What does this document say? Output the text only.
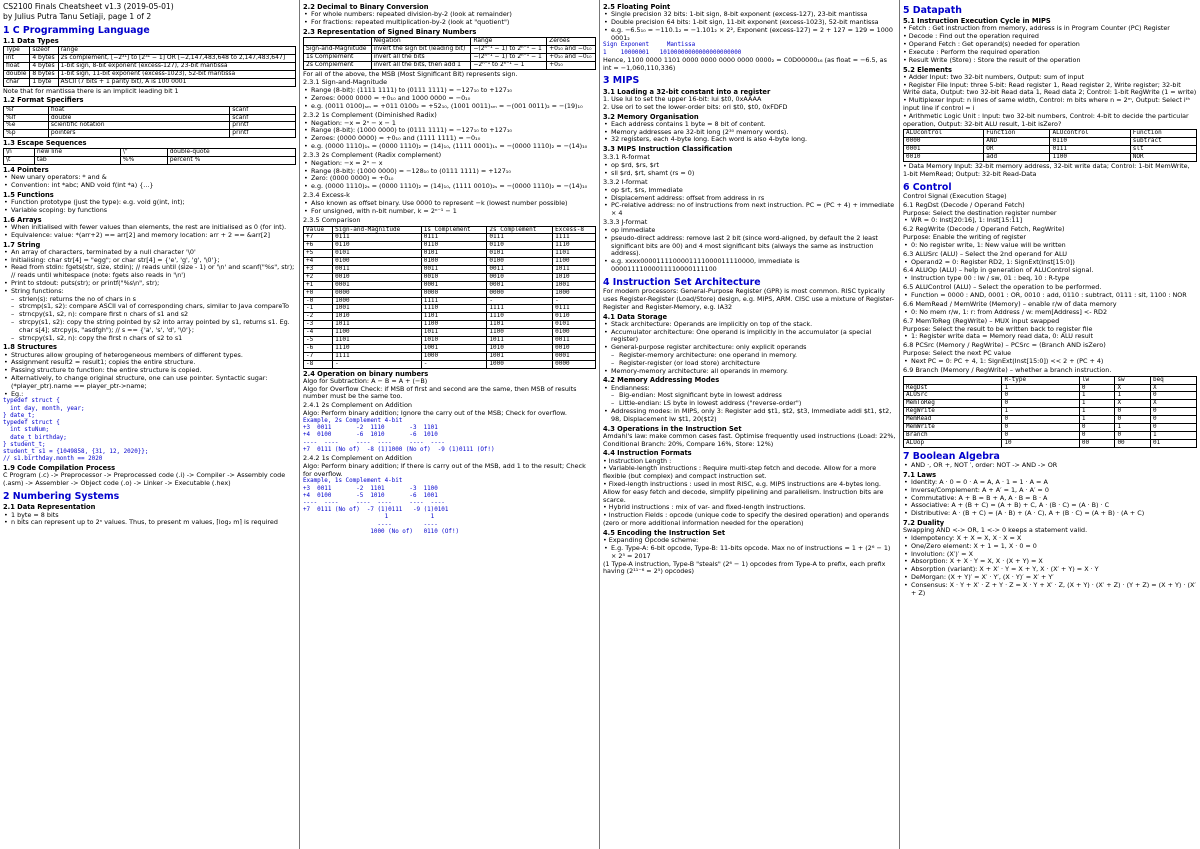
CS2100 Finals Cheatsheet v1.3 (2019-05-01)

by Julius Putra Tanu Setiaji, page 1 of 2

1 C Programming Language

1.1 Data Types

Type	sizeof	range
int	4 bytes	2s complement, [−2³¹] to [2³¹ − 1] OR [−2,147,483,648 to 2,147,483,647]
float	4 bytes	1-bit sign, 8-bit exponent (excess-127), 23-bit mantissa
double	8 bytes	1-bit sign, 11-bit exponent (excess-1023), 52-bit mantissa
char	1 byte	ASCII (7 bits + 1 parity bit), A is 100 0001

Note that for mantissa there is an implicit leading bit 1

1.2 Format Specifiers

%f	float	scanf
%lf	double	scanf
%e	scientific notation	printf
%p	pointers	printf

1.3 Escape Sequences

\n	new line	\"	double-quote
\t	tab	%%	percent %

1.4 Pointers

• New unary operators: * and &

• Convention: int *abc; AND void f(int *a) {...}

1.5 Functions

• Function prototype (just the type): e.g. void g(int, int);

• Variable scoping: by functions

1.6 Arrays

• When initialised with fewer values than elements, the rest are initialised as 0 (for int).

• Equivalence: value: *(arr+2) == arr[2] and memory location: arr + 2 == &arr[2]

1.7 String

• An array of characters, terminated by a null character '\0'

• Initialising: char str[4] = "egg"; or char str[4] = {'e', 'g', 'g', '\0'};

• Read from stdin: fgets(str, size, stdin); // reads until (size - 1) or '\n' and scanf("%s", str); // reads until whitespace (note: fgets also reads in '\n')

• Print to stdout: puts(str); or printf("%s\n", str);

• String functions:

– strlen(s): returns the no of chars in s

– strcmp(s1, s2): compare ASCII val of corresponding chars, similar to Java compareTo

– strncpy(s1, s2, n): compare first n chars of s1 and s2

– strcpy(s1, s2): copy the string pointed by s2 into array pointed by s1, returns s1. Eg. char s[4]; strcpy(s, "asdfgh"); // s == {'a', 's', 'd', '\0'};

– strncpy(s1, s2, n): copy the first n chars of s2 to s1

1.8 Structures

• Structures allow grouping of heterogeneous members of different types.

• Assignment result2 = result1; copies the entire structure.

• Passing structure to function: the entire structure is copied.

• Alternatively, to change original structure, one can use pointer. Syntactic sugar: (*player_ptr).name == player_ptr->name;

• Eg.:

typedef struct {
int day, month, year;
} date_t;
typedef struct {
int stuNum;
date_t birthday;
} student_t;
student_t s1 = {1049858, {31, 12, 2020}};
// s1.birthday.month == 2020

1.9 Code Compilation Process

C Program (.c) -> Preprocessor -> Preprocessed code (.i) -> Compiler -> Assembly code (.asm) -> Assembler -> Object code (.o) -> Linker -> Executable (.hex)

2 Numbering Systems

2.1 Data Representation

• 1 byte = 8 bits

• n bits can represent up to 2ⁿ values. Thus, to present m values, ⌈log₂ m⌉ is required

2.2 Decimal to Binary Conversion

• For whole numbers: repeated division-by-2 (look at remainder)

• For fractions: repeated multiplication-by-2 (look at "quotient")

2.3 Representation of Signed Binary Numbers

	Negation	Range	Zeroes
Sign-and-Magnitude	invert the sign bit (leading bit)	−(2ⁿ⁻¹ − 1) to 2ⁿ⁻¹ − 1	+0₁₀ and −0₁₀
1s Complement	invert all the bits	−(2ⁿ⁻¹ − 1) to 2ⁿ⁻¹ − 1	+0₁₀ and −0₁₀
2s Complement	invert all the bits, then add 1	−2ⁿ⁻¹ to 2ⁿ⁻¹ − 1	+0₁₀

For all of the above, the MSB (Most Significant Bit) represents sign.

2.3.1 Sign-and-Magnitude

• Range (8-bit): (1111 1111) to (0111 1111) = −127₁₀ to +127₁₀

• Zeroes: 0000 0000 = +0₁₀ and 1000 0000 = −0₁₀

• e.g. (0011 0100)ₛₘ = +011 0100₂ = +52₁₀, (1001 0011)ₛₘ = −(001 0011)₂ = −(19)₁₀

2.3.2 1s Complement (Diminished Radix)

• Negation: −x = 2ⁿ − x − 1

• Range (8-bit): (1000 0000) to (0111 1111) = −127₁₀ to +127₁₀

• Zeroes: (0000 0000) = +0₁₀ and (1111 1111) = −0₁₀

• e.g. (0000 1110)₁ₛ = (0000 1110)₂ = (14)₁₀, (1111 0001)₁ₛ = −(0000 1110)₂ = −(14)₁₀

2.3.3 2s Complement (Radix complement)

• Negation: −x = 2ⁿ − x

• Range (8-bit): (1000 0000) = −128₁₀ to (0111 1111) = +127₁₀

• Zero: (0000 0000) = +0₁₀

• e.g. (0000 1110)₂ₛ = (0000 1110)₂ = (14)₁₀, (1111 0010)₂ₛ = −(0000 1110)₂ = −(14)₁₀

2.3.4 Excess-k

• Also known as offset binary. Use 0000 to represent −k (lowest number possible)

• For unsigned, with n-bit number, k = 2ⁿ⁻¹ − 1

2.3.5 Comparison

Value	Sign-and-Magnitude	1s Complement	2s Complement	Excess-8
+7	0111	0111	0111	1111
+6	0110	0110	0110	1110
+5	0101	0101	0101	1101
+4	0100	0100	0100	1100
+3	0011	0011	0011	1011
+2	0010	0010	0010	1010
+1	0001	0001	0001	1001
+0	0000	0000	0000	1000
-0	1000	1111	-	-
-1	1001	1110	1111	0111
-2	1010	1101	1110	0110
-3	1011	1100	1101	0101
-4	1100	1011	1100	0100
-5	1101	1010	1011	0011
-6	1110	1001	1010	0010
-7	1111	1000	1001	0001
-8	-	-	1000	0000

2.4 Operation on binary numbers

Algo for Subtraction: A − B = A + (−B)

Algo for Overflow Check: if MSB of first and second are the same, then MSB of results number must be the same too.

2.4.1 2s Complement on Addition

Algo: Perform binary addition; Ignore the carry out of the MSB; Check for overflow.

Example, 2s Complement 4-bit
+3  0011       -2  1110       -3  1101
+4  0100       -6  1010       -6  1010
----  ----     ----  ----     ----  ----
+7  0111 (No of)  -8 (1)1000 (No of)  -9 (1)0111 (Of!)

2.4.2 1s Complement on Addition

Algo: Perform binary addition; If there is carry out of the MSB, add 1 to the result; Check for overflow.

Example, 1s Complement 4-bit
+3  0011       -2  1101       -3  1100
+4  0100       -5  1010       -6  1001
----  ----     ----  ----     ----  ----
+7  0111 (No of)  -7 (1)0111   -9 (1)0101
1            1
----         ----
1000 (No of)   0110 (Of!)

2.5 Floating Point

• Single precision 32 bits: 1-bit sign, 8-bit exponent (excess-127), 23-bit mantissa

• Double precision 64 bits: 1-bit sign, 11-bit exponent (excess-1023), 52-bit mantissa

• e.g. −6.5₁₀ = −110.1₂ = −1.101₂ × 2², Exponent (excess-127) = 2 + 127 = 129 = 1000 0001₂

Sign Exponent     Mantissa
1    10000001   10100000000000000000000

Hence, 1100 0000 1101 0000 0000 0000 0000 0000₂ = C0D00000₁₆ (as float = −6.5, as int = −1,060,110,336)

3 MIPS

3.1 Loading a 32-bit constant into a register

1. Use lui to set the upper 16-bit: lui $t0, 0xAAAA

2. Use ori to set the lower-order bits: ori $t0, $t0, 0xFDFD

3.2 Memory Organisation

• Each address contains 1 byte = 8 bit of content.

• Memory addresses are 32-bit long (2³⁰ memory words).

• 32 registers, each 4-byte long. Each word is also 4-byte long.

3.3 MIPS Instruction Classification

3.3.1 R-format

• op $rd, $rs, $rt

• sll $rd, $rt, shamt (rs = 0)

3.3.2 I-format

• op $rt, $rs, Immediate

• Displacement address: offset from address in rs

• PC-relative address: no of instructions from next instruction. PC = (PC + 4) + immediate × 4

3.3.3 J-format

• op immediate

• pseudo-direct address: remove last 2 bit (since word-aligned, by default the 2 least significant bits are 00) and 4 most significant bits (always the same as instruction address).

• e.g. xxxx0000111100001111000011110000, immediate is 00001111000011110000111100

4 Instruction Set Architecture

For modern processors: General-Purpose Register (GPR) is most common. RISC typically uses Register-Register (Load/Store) design, e.g. MIPS, ARM. CISC use a mixture of Register-Register and Register-Memory, e.g. IA32

4.1 Data Storage

• Stack architecture: Operands are implicitly on top of the stack.

• Accumulator architecture: One operand is implicitly in the accumulator (a special register)

• General-purpose register architecture: only explicit operands

– Register-memory architecture: one operand in memory.

– Register-register (or load store) architecture

• Memory-memory architecture: all operands in memory.

4.2 Memory Addressing Modes

• Endianness:

– Big-endian: Most significant byte in lowest address

– Little-endian: LS byte in lowest address ("reverse-order")

• Addressing modes: in MIPS, only 3: Register add $t1, $t2, $t3, Immediate addi $t1, $t2, 98, Displacement lw $t1, 20($t2)

4.3 Operations in the Instruction Set

Amdahl's law: make common cases fast. Optimise frequently used instructions (Load: 22%, Conditional Branch: 20%, Compare 16%, Store: 12%)

4.4 Instruction Formats

• Instruction Length :

• Variable-length instructions : Require multi-step fetch and decode. Allow for a more flexible (but complex) and compact instruction set.

• Fixed-length instructions : used in most RISC, e.g. MIPS instructions are 4-bytes long. Allow for easy fetch and decode, simplify pipelining and parallelism. Instruction bits are scarce.

• Hybrid instructions : mix of var- and fixed-length instructions.

• Instruction Fields : opcode (unique code to specify the desired operation) and operands (zero or more additional information needed for the operation)

4.5 Encoding the Instruction Set

• Expanding Opcode scheme:

• E.g. Type-A: 6-bit opcode, Type-B: 11-bits opcode. Max no of instructions = 1 + (2⁶ − 1) × 2⁵ = 2017

(1 Type-A instruction, Type-B "steals" (2⁶ − 1) opcodes from Type-A to prefix, each prefix having (2¹¹⁻⁶ = 2⁵) opcodes)

5 Datapath

5.1 Instruction Execution Cycle in MIPS

• Fetch : Get instruction from memory, address is in Program Counter (PC) Register

• Decode : Find out the operation required

• Operand Fetch : Get operand(s) needed for operation

• Execute : Perform the required operation

• Result Write (Store) : Store the result of the operation

5.2 Elements

• Adder Input: two 32-bit numbers, Output: sum of input

• Register File Input: three 5-bit: Read register 1, Read register 2, Write register; 32-bit Write data, Output: two 32-bit Read data 1, Read data 2; Control: 1-bit RegWrite (1 = write)

• Multiplexer Input: n lines of same width, Control: m bits where n = 2ᵐ, Output: Select iᵗʰ input line if control = i

• Arithmetic Logic Unit : Input: two 32-bit numbers, Control: 4-bit to decide the particular operation, Output: 32-bit ALU result, 1-bit isZero?

ALUcontrol	Function	ALUcontrol	Function
0000	AND	0110	subtract
0001	OR	0111	slt
0010	add	1100	NOR

• Data Memory Input: 32-bit memory address, 32-bit write data; Control: 1-bit MemWrite, 1-bit MemRead; Output: 32-bit Read-Data

6 Control

Control Signal (Execution Stage)

6.1 RegDst (Decode / Operand Fetch)

Purpose: Select the destination register number

• WR = 0: Inst[20:16], 1: Inst[15:11]

6.2 RegWrite (Decode / Operand Fetch, RegWrite)

Purpose: Enable the writing of register

• 0: No register write, 1: New value will be written

6.3 ALUSrc (ALU) – Select the 2nd operand for ALU

• Operand2 = 0: Register RD2, 1: SignExt(Inst[15:0])

6.4 ALUOp (ALU) – help in generation of ALUControl signal.

• Instruction type 00 : lw / sw, 01 : beq, 10 : R-type

6.5 ALUControl (ALU) – Select the operation to be performed.

• Function = 0000 : AND, 0001 : OR, 0010 : add, 0110 : subtract, 0111 : slt, 1100 : NOR

6.6 MemRead / MemWrite (Memory) – enable r/w of data memory

• 0: No mem r/w, 1: r: from Address / w: mem[Address] <- RD2

6.7 MemToReg (RegWrite) – MUX input swapped

Purpose: Select the result to be written back to register file

• 1: Register write data = Memory read data, 0: ALU result

6.8 PCSrc (Memory / RegWrite) – PCSrc = (Branch AND isZero)

Purpose: Select the next PC value

• Next PC = 0: PC + 4, 1: SignExt(Inst[15:0]) << 2 + (PC + 4)

6.9 Branch (Memory / RegWrite) – whether a branch instruction.

	R-type	lw	sw	beq
RegDst	1	0	X	X
ALUSrc	0	1	1	0
MemToReg	0	1	X	X
RegWrite	1	1	0	0
MemRead	0	1	0	0
MemWrite	0	0	1	0
Branch	0	0	0	1
ALUop	10	00	00	01

7 Boolean Algebra

• AND ·, OR +, NOT ′, order: NOT -> AND -> OR

7.1 Laws

• Identity: A · 0 = 0 · A = A, A · 1 = 1 · A = A

• Inverse/Complement: A + A′ = 1, A · A′ = 0

• Commutative: A + B = B + A, A · B = B · A

• Associative: A + (B + C) = (A + B) + C, A · (B · C) = (A · B) · C

• Distributive: A · (B + C) = (A · B) + (A · C), A + (B · C) = (A + B) · (A + C)

7.2 Duality

Swapping AND <-> OR, 1 <-> 0 keeps a statement valid.

• Idempotency: X + X = X, X · X = X

• One/Zero element: X + 1 = 1, X · 0 = 0

• Involution: (X′)′ = X

• Absorption: X + X · Y = X, X · (X + Y) = X

• Absorption (variant): X + X′ · Y = X + Y, X · (X′ + Y) = X · Y

• DeMorgan: (X + Y)′ = X′ · Y′, (X · Y)′ = X′ + Y′

• Consensus: X · Y + X′ · Z + Y · Z = X · Y + X′ · Z, (X + Y) · (X′ + Z) · (Y + Z) = (X + Y) · (X′ + Z)
